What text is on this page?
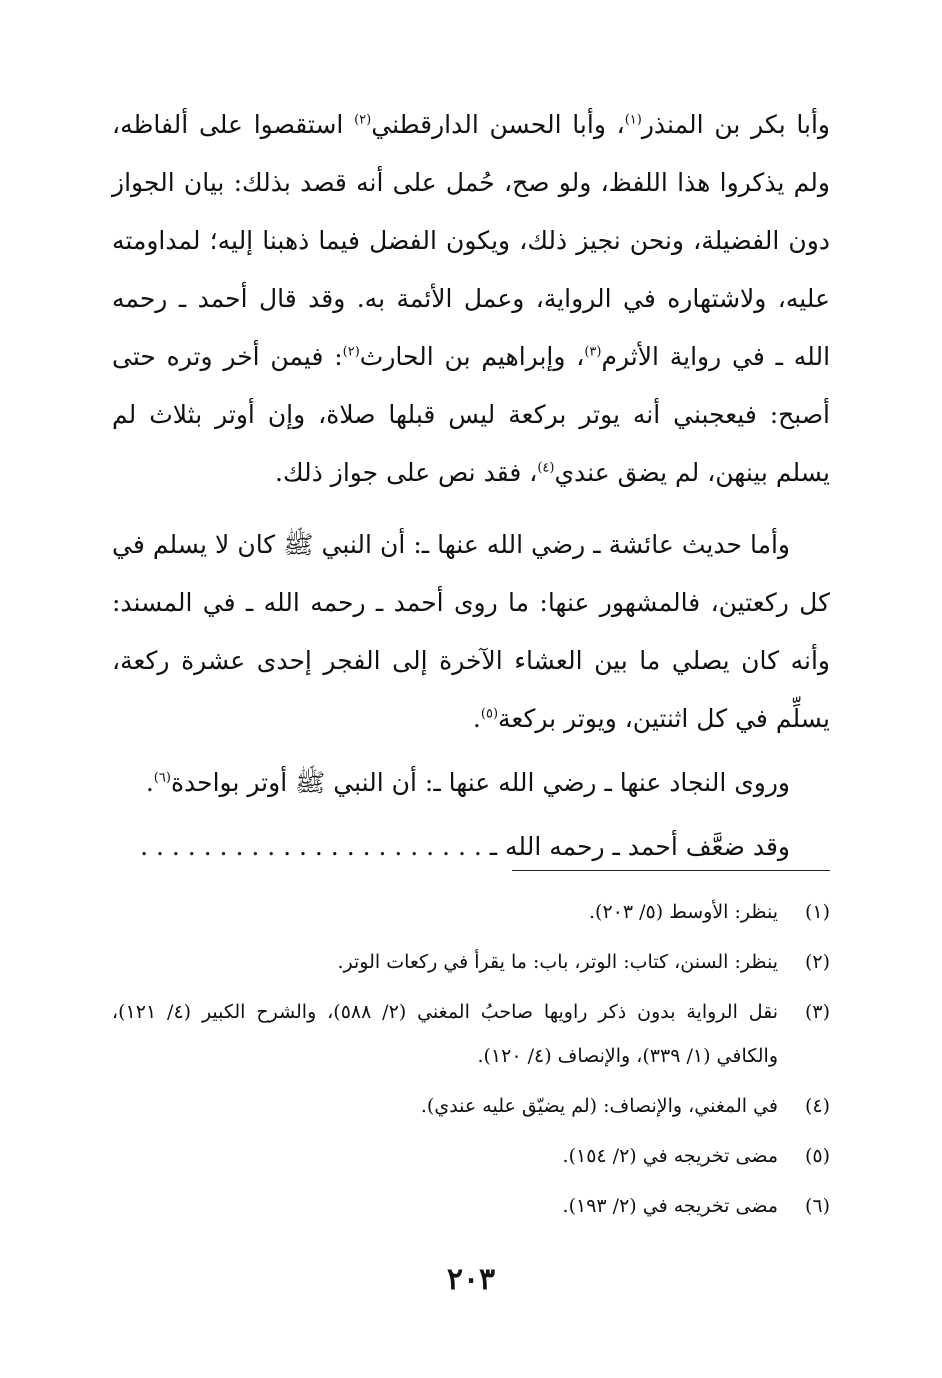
وأبا بكر بن المنذر$^{(١)}$، وأبا الحسن الدارقطني$^{(٢)}$ استقصوا على ألفاظه، ولم يذكروا هذا اللفظ، ولو صح، حُمل على أنه قصد بذلك: بيان الجواز دون الفضيلة، ونحن نجيز ذلك، ويكون الفضل فيما ذهبنا إليه؛ لمداومته عليه، ولاشتهاره في الرواية، وعمل الأئمة به. وقد قال أحمد ـ رحمه الله ـ في رواية الأثرم$^{(٣)}$، وإبراهيم بن الحارث$^{(٢)}$: فيمن أخر وتره حتى أصبح: فيعجبني أنه يوتر بركعة ليس قبلها صلاة، وإن أوتر بثلاث لم يسلم بينهن، لم يضق عندي$^{(٤)}$، فقد نص على جواز ذلك.

وأما حديث عائشة ـ رضي الله عنها ـ: أن النبي ﷺ كان لا يسلم في كل ركعتين، فالمشهور عنها: ما روى أحمد ـ رحمه الله ـ في المسند: وأنه كان يصلي ما بين العشاء الآخرة إلى الفجر إحدى عشرة ركعة، يسلِّم في كل اثنتين، ويوتر بركعة$^{(٥)}$.

وروى النجاد عنها ـ رضي الله عنها ـ: أن النبي ﷺ أوتر بواحدة$^{(٦)}$.

وقد ضعَّف أحمد ـ رحمه الله ـ . . . . . . . . . . . . . . . . . . . . . .

(١)
ينظر: الأوسط (٥/ ٢٠٣).
(٢)
ينظر: السنن، كتاب: الوتر، باب: ما يقرأ في ركعات الوتر.
(٣)
نقل الرواية بدون ذكر راويها صاحبُ المغني (٢/ ٥٨٨)، والشرح الكبير (٤/ ١٢١)، والكافي (١/ ٣٣٩)، والإنصاف (٤/ ١٢٠).
(٤)
في المغني، والإنصاف: (لم يضيّق عليه عندي).
(٥)
مضى تخريجه في (٢/ ١٥٤).
(٦)
مضى تخريجه في (٢/ ١٩٣).
٢٠٣
